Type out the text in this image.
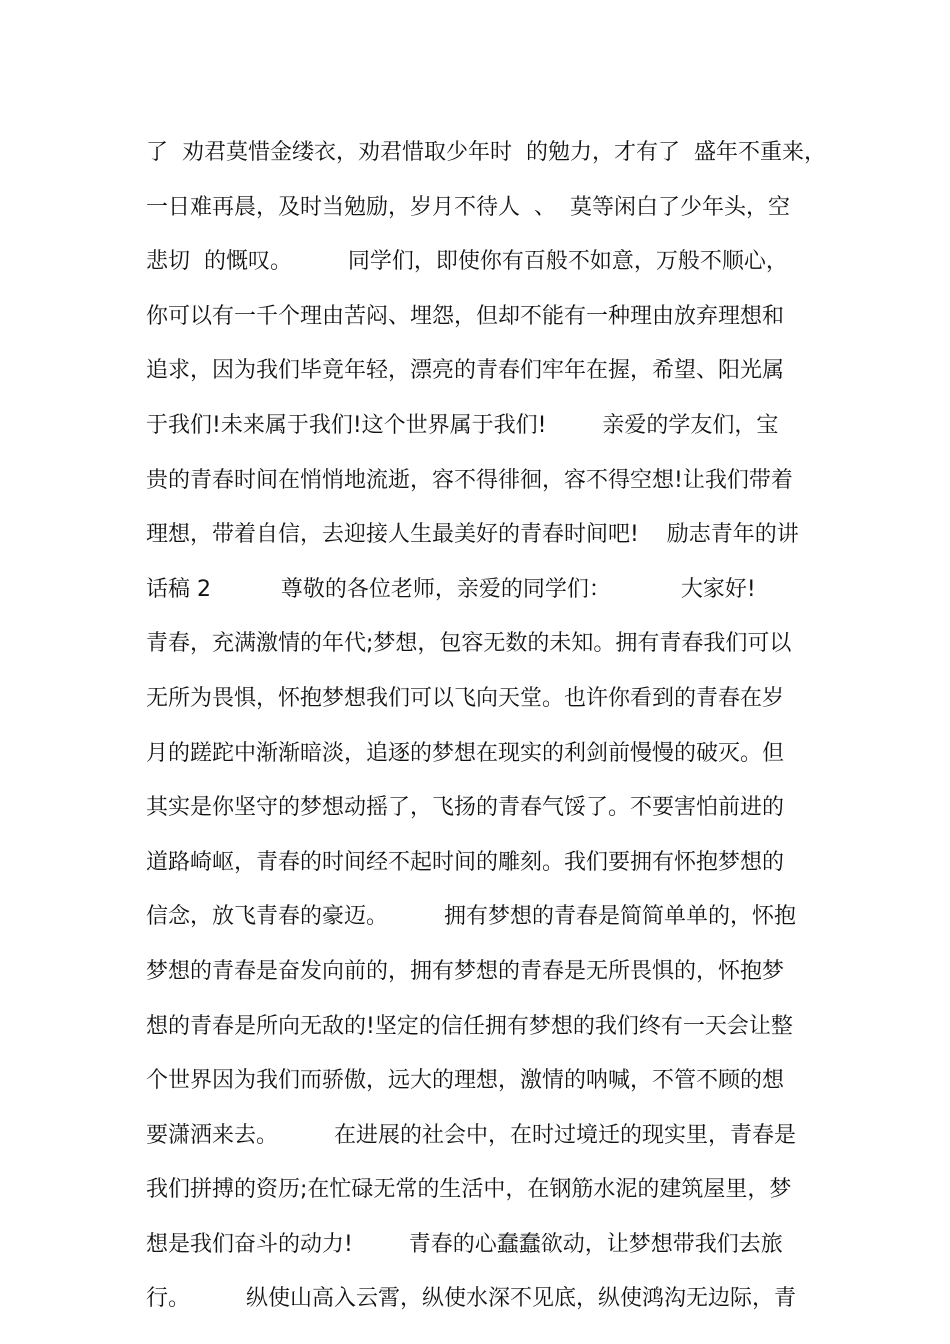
了  劝君莫惜金缕衣，劝君惜取少年时  的勉力，才有了  盛年不重来，
一日难再晨，及时当勉励，岁月不待人  、  莫等闲白了少年头，空
悲切  的慨叹。        同学们，即使你有百般不如意，万般不顺心，
你可以有一千个理由苦闷、埋怨，但却不能有一种理由放弃理想和
追求，因为我们毕竟年轻，漂亮的青春们牢年在握，希望、阳光属
于我们!未来属于我们!这个世界属于我们!        亲爱的学友们，宝
贵的青春时间在悄悄地流逝，容不得徘徊，容不得空想!让我们带着
理想，带着自信，去迎接人生最美好的青春时间吧!    励志青年的讲
话稿 2          尊敬的各位老师，亲爱的同学们：          大家好!
青春，充满激情的年代;梦想，包容无数的未知。拥有青春我们可以
无所为畏惧，怀抱梦想我们可以飞向天堂。也许你看到的青春在岁
月的蹉跎中渐渐暗淡，追逐的梦想在现实的利剑前慢慢的破灭。但
其实是你坚守的梦想动摇了，飞扬的青春气馁了。不要害怕前进的
道路崎岖，青春的时间经不起时间的雕刻。我们要拥有怀抱梦想的
信念，放飞青春的豪迈。        拥有梦想的青春是简简单单的，怀抱
梦想的青春是奋发向前的，拥有梦想的青春是无所畏惧的，怀抱梦
想的青春是所向无敌的!坚定的信任拥有梦想的我们终有一天会让整
个世界因为我们而骄傲，远大的理想，激情的呐喊，不管不顾的想
要潇洒来去。        在进展的社会中，在时过境迁的现实里，青春是
我们拼搏的资历;在忙碌无常的生活中，在钢筋水泥的建筑屋里，梦
想是我们奋斗的动力!        青春的心蠢蠢欲动，让梦想带我们去旅
行。        纵使山高入云霄，纵使水深不见底，纵使鸿沟无边际，青
